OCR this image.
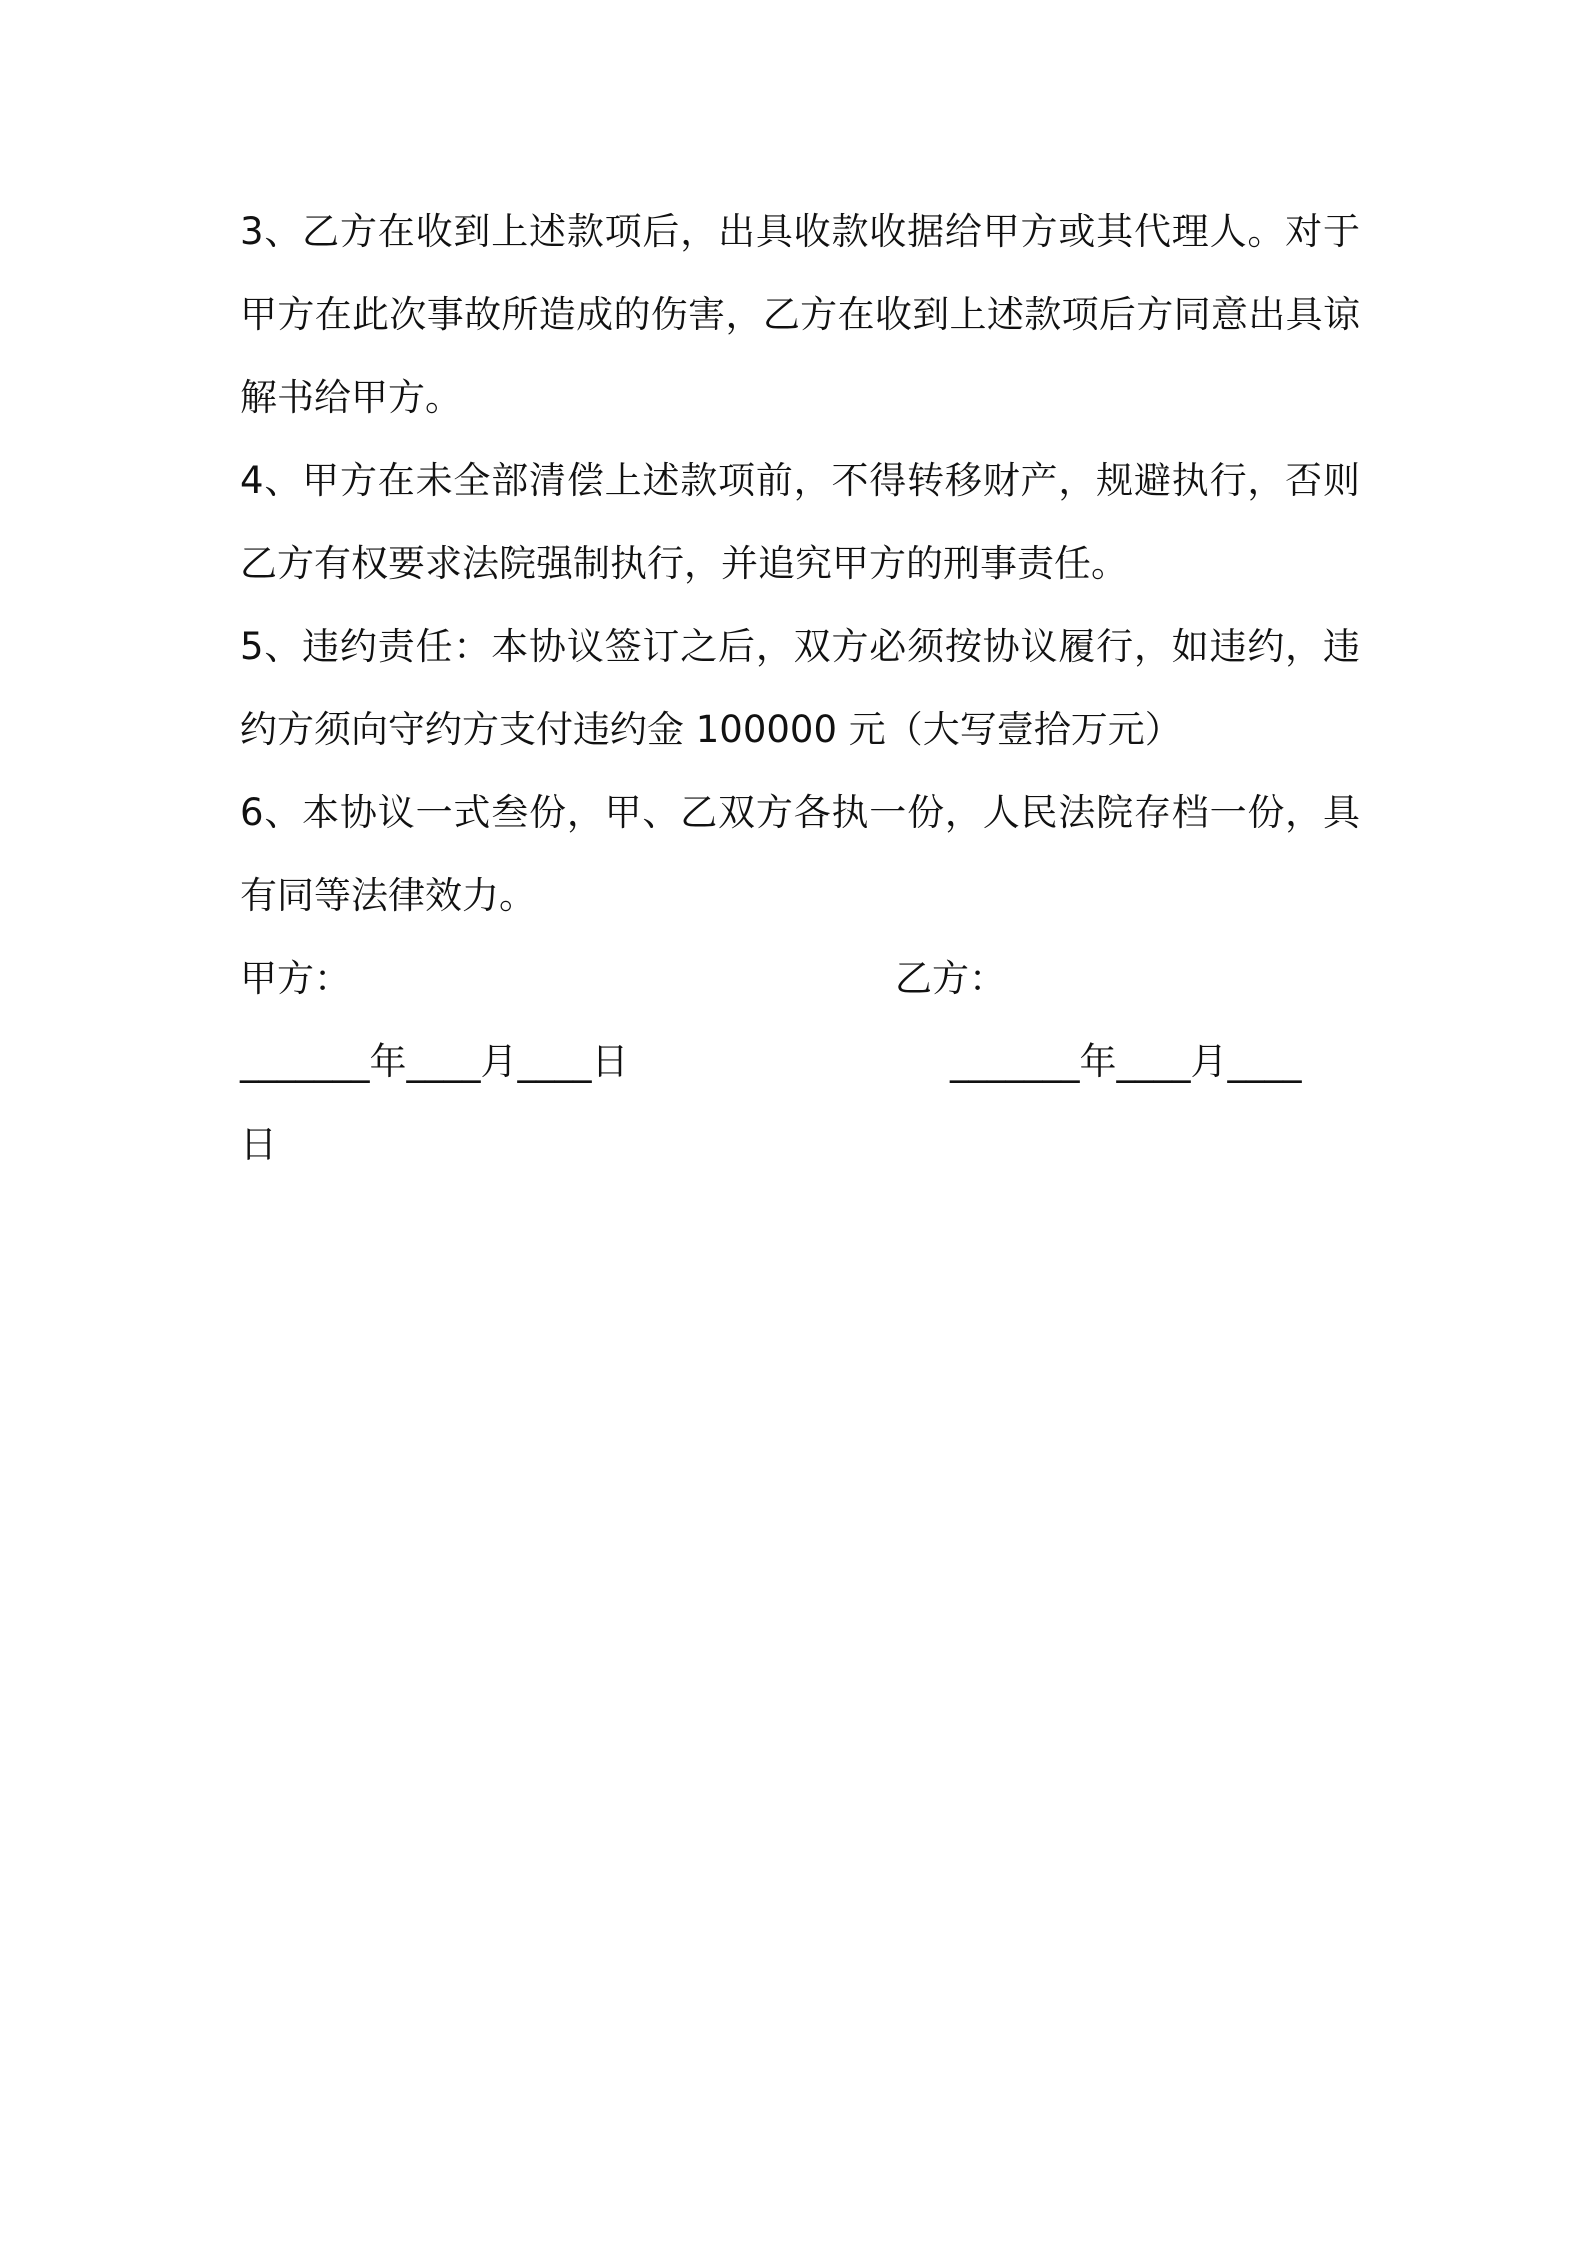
3、乙方在收到上述款项后，出具收款收据给甲方或其代理人。对于甲方在此次事故所造成的伤害，乙方在收到上述款项后方同意出具谅解书给甲方。

4、甲方在未全部清偿上述款项前，不得转移财产，规避执行，否则乙方有权要求法院强制执行，并追究甲方的刑事责任。

5、违约责任：本协议签订之后，双方必须按协议履行，如违约，违约方须向守约方支付违约金 100000 元（大写壹拾万元）

6、本协议一式叁份，甲、乙双方各执一份，人民法院存档一份，具有同等法律效力。

甲方：	乙方：
_______年____月____日	_______年____月____
日
